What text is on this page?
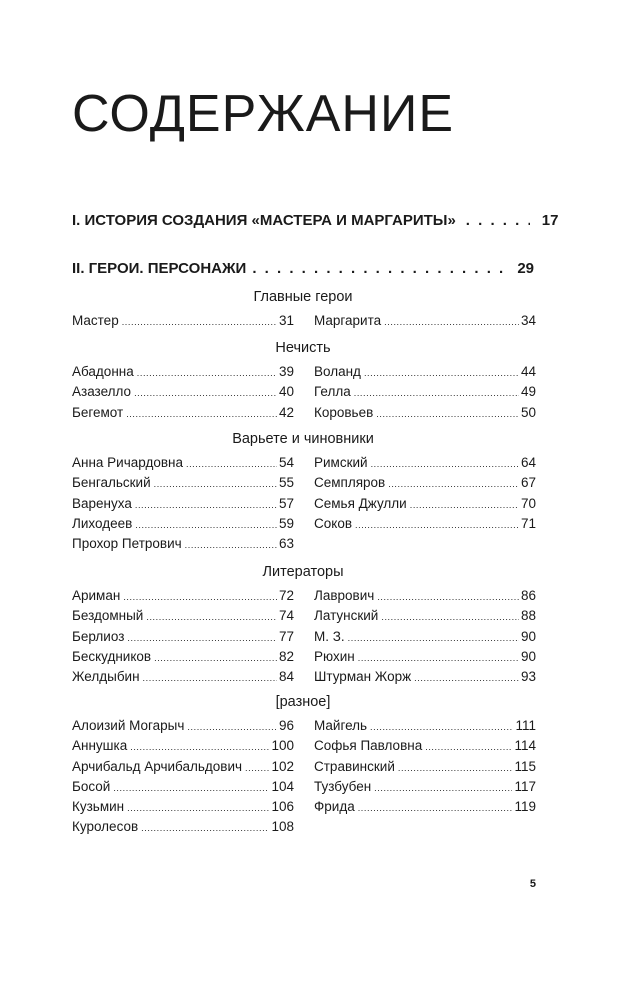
СОДЕРЖАНИЕ
I. ИСТОРИЯ СОЗДАНИЯ «МАСТЕРА И МАРГАРИТЫ» . . .	17
II. ГЕРОИ. ПЕРСОНАЖИ . . .	29
Главные герои
Мастер .....	31 Маргарита .....	34
Нечисть
Абадонна .....	39
Азазелло .....	40
Бегемот .....	42
Воланд .....	44
Гелла .....	49
Коровьев .....	50
Варьете и чиновники
Анна Ричардовна .....	54
Бенгальский .....	55
Варенуха .....	57
Лиходеев .....	59
Прохор Петрович .....	63
Римский .....	64
Семпляров .....	67
Семья Джулли .....	70
Соков .....	71
Литераторы
Ариман .....	72
Бездомный .....	74
Берлиоз .....	77
Бескудников .....	82
Желдыбин .....	84
Лаврович .....	86
Латунский .....	88
М. З. .....	90
Рюхин .....	90
Штурман Жорж .....	93
[разное]
Алоизий Могарыч .....	96
Аннушка .....	100
Арчибальд Арчибальдович ..... 102
Босой .....	104
Кузьмин .....	106
Куролесов .....	108
Майгель .....	111
Софья Павловна .....	114
Стравинский .....	115
Тузбубен .....	117
Фрида .....	119
5
